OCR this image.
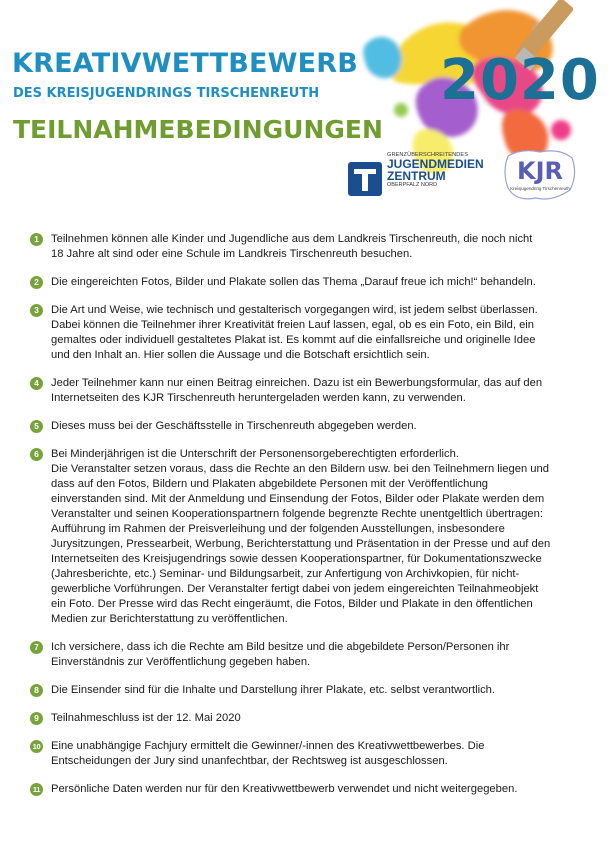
KREATIVWETTBEWERB
DES KREISJUGENDRINGS TIRSCHENREUTH 2020
TEILNAHMEBEDINGUNGEN
GRENZÜBERSCHREITENDES
JUGENDMEDIEN
ZENTRUM
OBERPFALZ NORD	KJR
Kreisjugendring Tirschenreuth
1	Teilnehmen können alle Kinder und Jugendliche aus dem Landkreis Tirschenreuth, die noch nicht
18 Jahre alt sind oder eine Schule im Landkreis Tirschenreuth besuchen.

2	Die eingereichten Fotos, Bilder und Plakate sollen das Thema „Darauf freue ich mich!“ behandeln.

3	Die Art und Weise, wie technisch und gestalterisch vorgegangen wird, ist jedem selbst überlassen.
Dabei können die Teilnehmer ihrer Kreativität freien Lauf lassen, egal, ob es ein Foto, ein Bild, ein
gemaltes oder individuell gestaltetes Plakat ist. Es kommt auf die einfallsreiche und originelle Idee
und den Inhalt an. Hier sollen die Aussage und die Botschaft ersichtlich sein.

4	Jeder Teilnehmer kann nur einen Beitrag einreichen. Dazu ist ein Bewerbungsformular, das auf den
Internetseiten des KJR Tirschenreuth heruntergeladen werden kann, zu verwenden.

5	Dieses muss bei der Geschäftsstelle in Tirschenreuth abgegeben werden.

6	Bei Minderjährigen ist die Unterschrift der Personensorgeberechtigten erforderlich.
Die Veranstalter setzen voraus, dass die Rechte an den Bildern usw. bei den Teilnehmern liegen und
dass auf den Fotos, Bildern und Plakaten abgebildete Personen mit der Veröffentlichung
einverstanden sind. Mit der Anmeldung und Einsendung der Fotos, Bilder oder Plakate werden dem
Veranstalter und seinen Kooperationspartnern folgende begrenzte Rechte unentgeltlich übertragen:
Aufführung im Rahmen der Preisverleihung und der folgenden Ausstellungen, insbesondere
Jurysitzungen, Pressearbeit, Werbung, Berichterstattung und Präsentation in der Presse und auf den
Internetseiten des Kreisjugendrings sowie dessen Kooperationspartner, für Dokumentationszwecke
(Jahresberichte, etc.) Seminar- und Bildungsarbeit, zur Anfertigung von Archivkopien, für nicht-
gewerbliche Vorführungen. Der Veranstalter fertigt dabei von jedem eingereichten Teilnahmeobjekt
ein Foto. Der Presse wird das Recht eingeräumt, die Fotos, Bilder und Plakate in den öffentlichen
Medien zur Berichterstattung zu veröffentlichen.

7	Ich versichere, dass ich die Rechte am Bild besitze und die abgebildete Person/Personen ihr
Einverständnis zur Veröffentlichung gegeben haben.

8	Die Einsender sind für die Inhalte und Darstellung ihrer Plakate, etc. selbst verantwortlich.

9	Teilnahmeschluss ist der 12. Mai 2020

10 Eine unabhängige Fachjury ermittelt die Gewinner/-innen des Kreativwettbewerbes. Die
Entscheidungen der Jury sind unanfechtbar, der Rechtsweg ist ausgeschlossen.

11 Persönliche Daten werden nur für den Kreativwettbewerb verwendet und nicht weitergegeben.
